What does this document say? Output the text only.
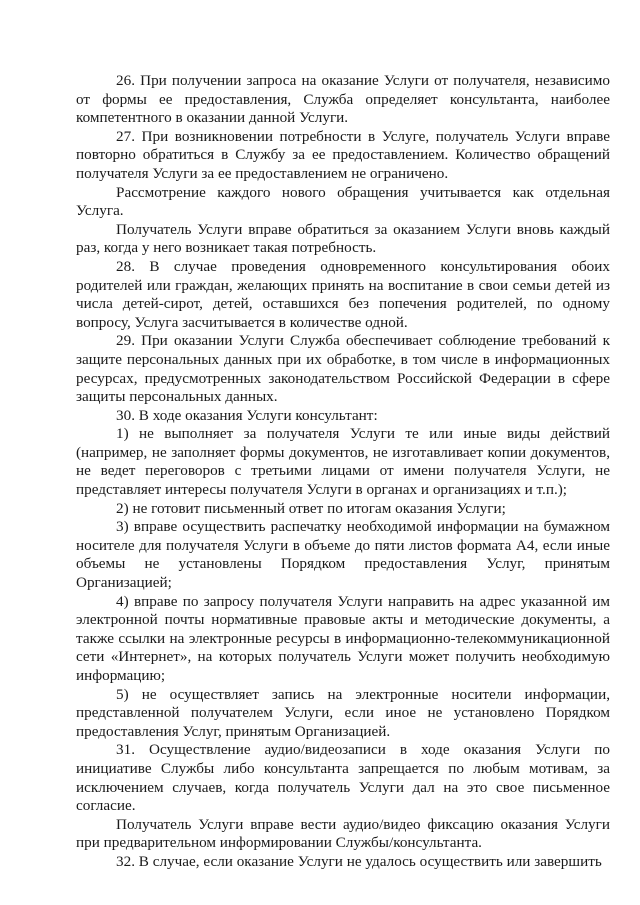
26. При получении запроса на оказание Услуги от получателя, независимо от формы ее предоставления, Служба определяет консультанта, наиболее компетентного в оказании данной Услуги.

27. При возникновении потребности в Услуге, получатель Услуги вправе повторно обратиться в Службу за ее предоставлением. Количество обращений получателя Услуги за ее предоставлением не ограничено.

Рассмотрение каждого нового обращения учитывается как отдельная Услуга.

Получатель Услуги вправе обратиться за оказанием Услуги вновь каждый раз, когда у него возникает такая потребность.

28. В случае проведения одновременного консультирования обоих родителей или граждан, желающих принять на воспитание в свои семьи детей из числа детей-сирот, детей, оставшихся без попечения родителей, по одному вопросу, Услуга засчитывается в количестве одной.

29. При оказании Услуги Служба обеспечивает соблюдение требований к защите персональных данных при их обработке, в том числе в информационных ресурсах, предусмотренных законодательством Российской Федерации в сфере защиты персональных данных.

30. В ходе оказания Услуги консультант:

1) не выполняет за получателя Услуги те или иные виды действий (например, не заполняет формы документов, не изготавливает копии документов, не ведет переговоров с третьими лицами от имени получателя Услуги, не представляет интересы получателя Услуги в органах и организациях и т.п.);

2) не готовит письменный ответ по итогам оказания Услуги;

3) вправе осуществить распечатку необходимой информации на бумажном носителе для получателя Услуги в объеме до пяти листов формата А4, если иные объемы не установлены Порядком предоставления Услуг, принятым Организацией;

4) вправе по запросу получателя Услуги направить на адрес указанной им электронной почты нормативные правовые акты и методические документы, а также ссылки на электронные ресурсы в информационно-телекоммуникационной сети «Интернет», на которых получатель Услуги может получить необходимую информацию;

5) не осуществляет запись на электронные носители информации, представленной получателем Услуги, если иное не установлено Порядком предоставления Услуг, принятым Организацией.

31. Осуществление аудио/видеозаписи в ходе оказания Услуги по инициативе Службы либо консультанта запрещается по любым мотивам, за исключением случаев, когда получатель Услуги дал на это свое письменное согласие.

Получатель Услуги вправе вести аудио/видео фиксацию оказания Услуги при предварительном информировании Службы/консультанта.

32. В случае, если оказание Услуги не удалось осуществить или завершить
